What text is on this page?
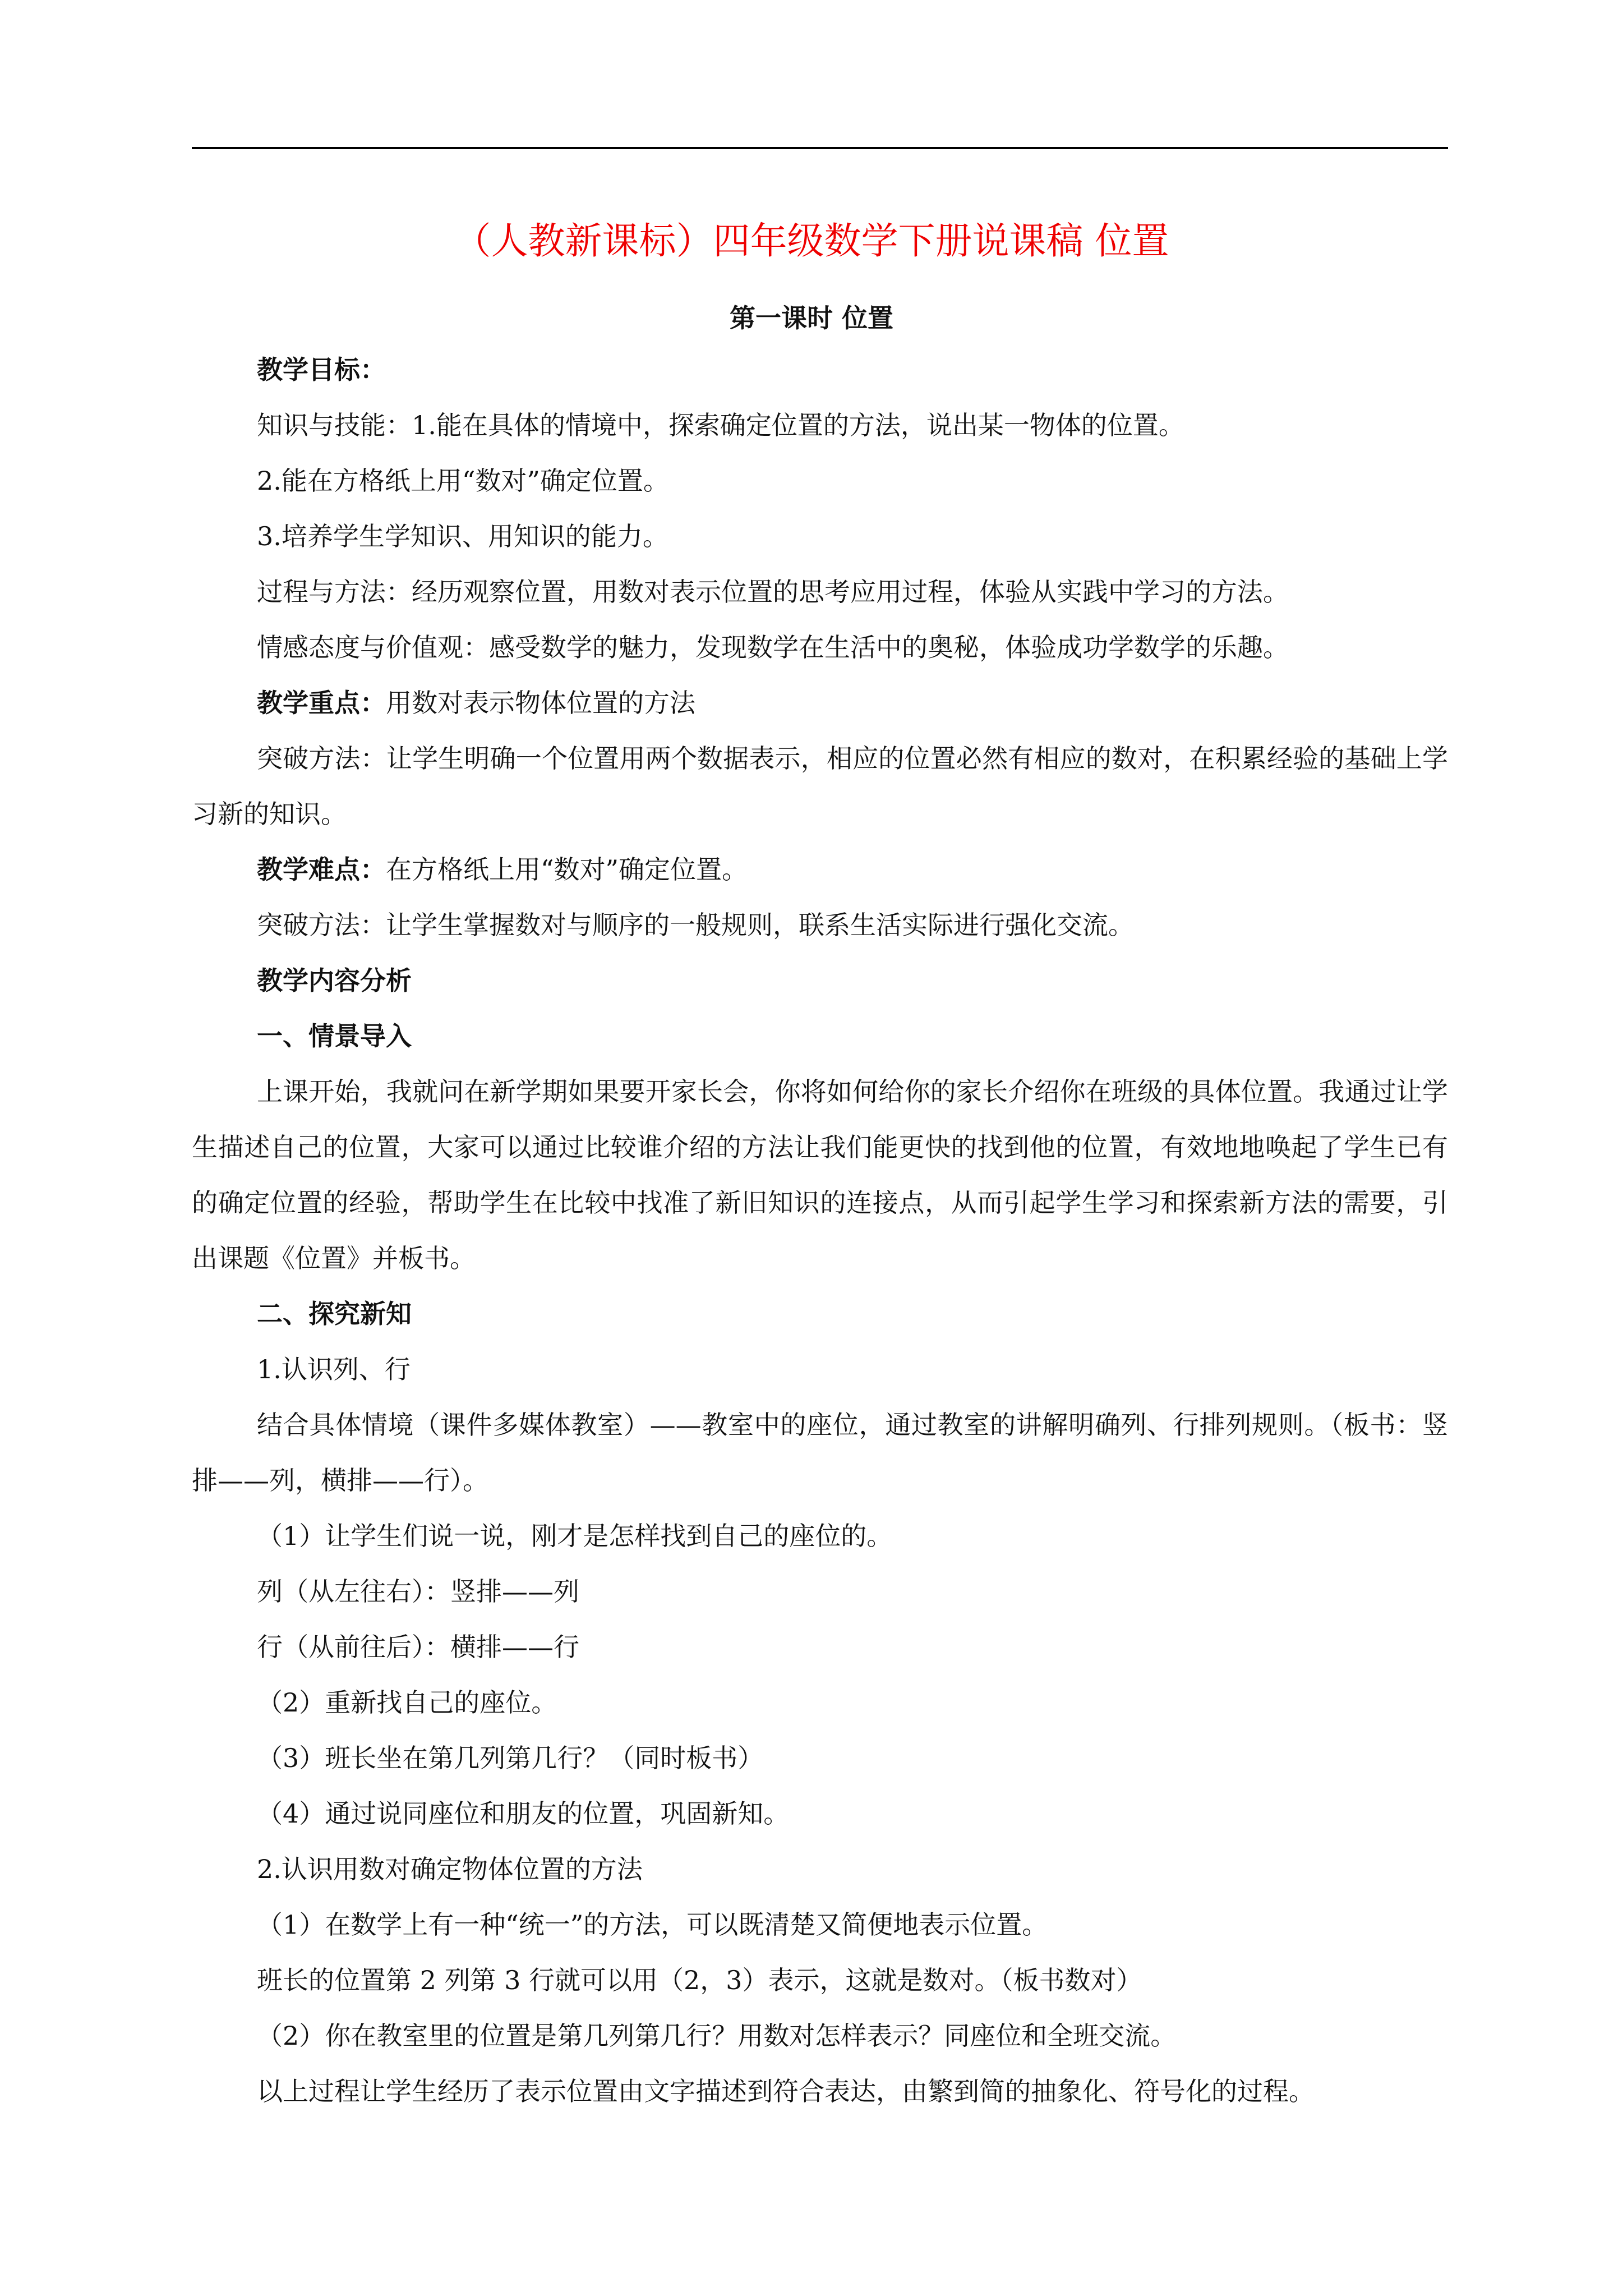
（人教新课标）四年级数学下册说课稿 位置
第一课时 位置

教学目标：

知识与技能：1.能在具体的情境中，探索确定位置的方法，说出某一物体的位置。

2.能在方格纸上用“数对”确定位置。

3.培养学生学知识、用知识的能力。

过程与方法：经历观察位置，用数对表示位置的思考应用过程，体验从实践中学习的方法。

情感态度与价值观：感受数学的魅力，发现数学在生活中的奥秘，体验成功学数学的乐趣。

教学重点：用数对表示物体位置的方法

突破方法：让学生明确一个位置用两个数据表示，相应的位置必然有相应的数对，在积累经验的基础上学习新的知识。

教学难点：在方格纸上用“数对”确定位置。

突破方法：让学生掌握数对与顺序的一般规则，联系生活实际进行强化交流。

教学内容分析

一、情景导入

上课开始，我就问在新学期如果要开家长会，你将如何给你的家长介绍你在班级的具体位置。我通过让学生描述自己的位置，大家可以通过比较谁介绍的方法让我们能更快的找到他的位置，有效地地唤起了学生已有的确定位置的经验，帮助学生在比较中找准了新旧知识的连接点，从而引起学生学习和探索新方法的需要，引出课题《位置》并板书。

二、探究新知

1.认识列、行

结合具体情境（课件多媒体教室）——教室中的座位，通过教室的讲解明确列、行排列规则。（板书：竖排——列，横排——行）。

（1）让学生们说一说，刚才是怎样找到自己的座位的。

列（从左往右）：竖排——列

行（从前往后）：横排——行

（2）重新找自己的座位。

（3）班长坐在第几列第几行？（同时板书）

（4）通过说同座位和朋友的位置，巩固新知。

2.认识用数对确定物体位置的方法

（1）在数学上有一种“统一”的方法，可以既清楚又简便地表示位置。

班长的位置第 2 列第 3 行就可以用（2，3）表示，这就是数对。（板书数对）

（2）你在教室里的位置是第几列第几行？用数对怎样表示？同座位和全班交流。

以上过程让学生经历了表示位置由文字描述到符合表达，由繁到简的抽象化、符号化的过程。
